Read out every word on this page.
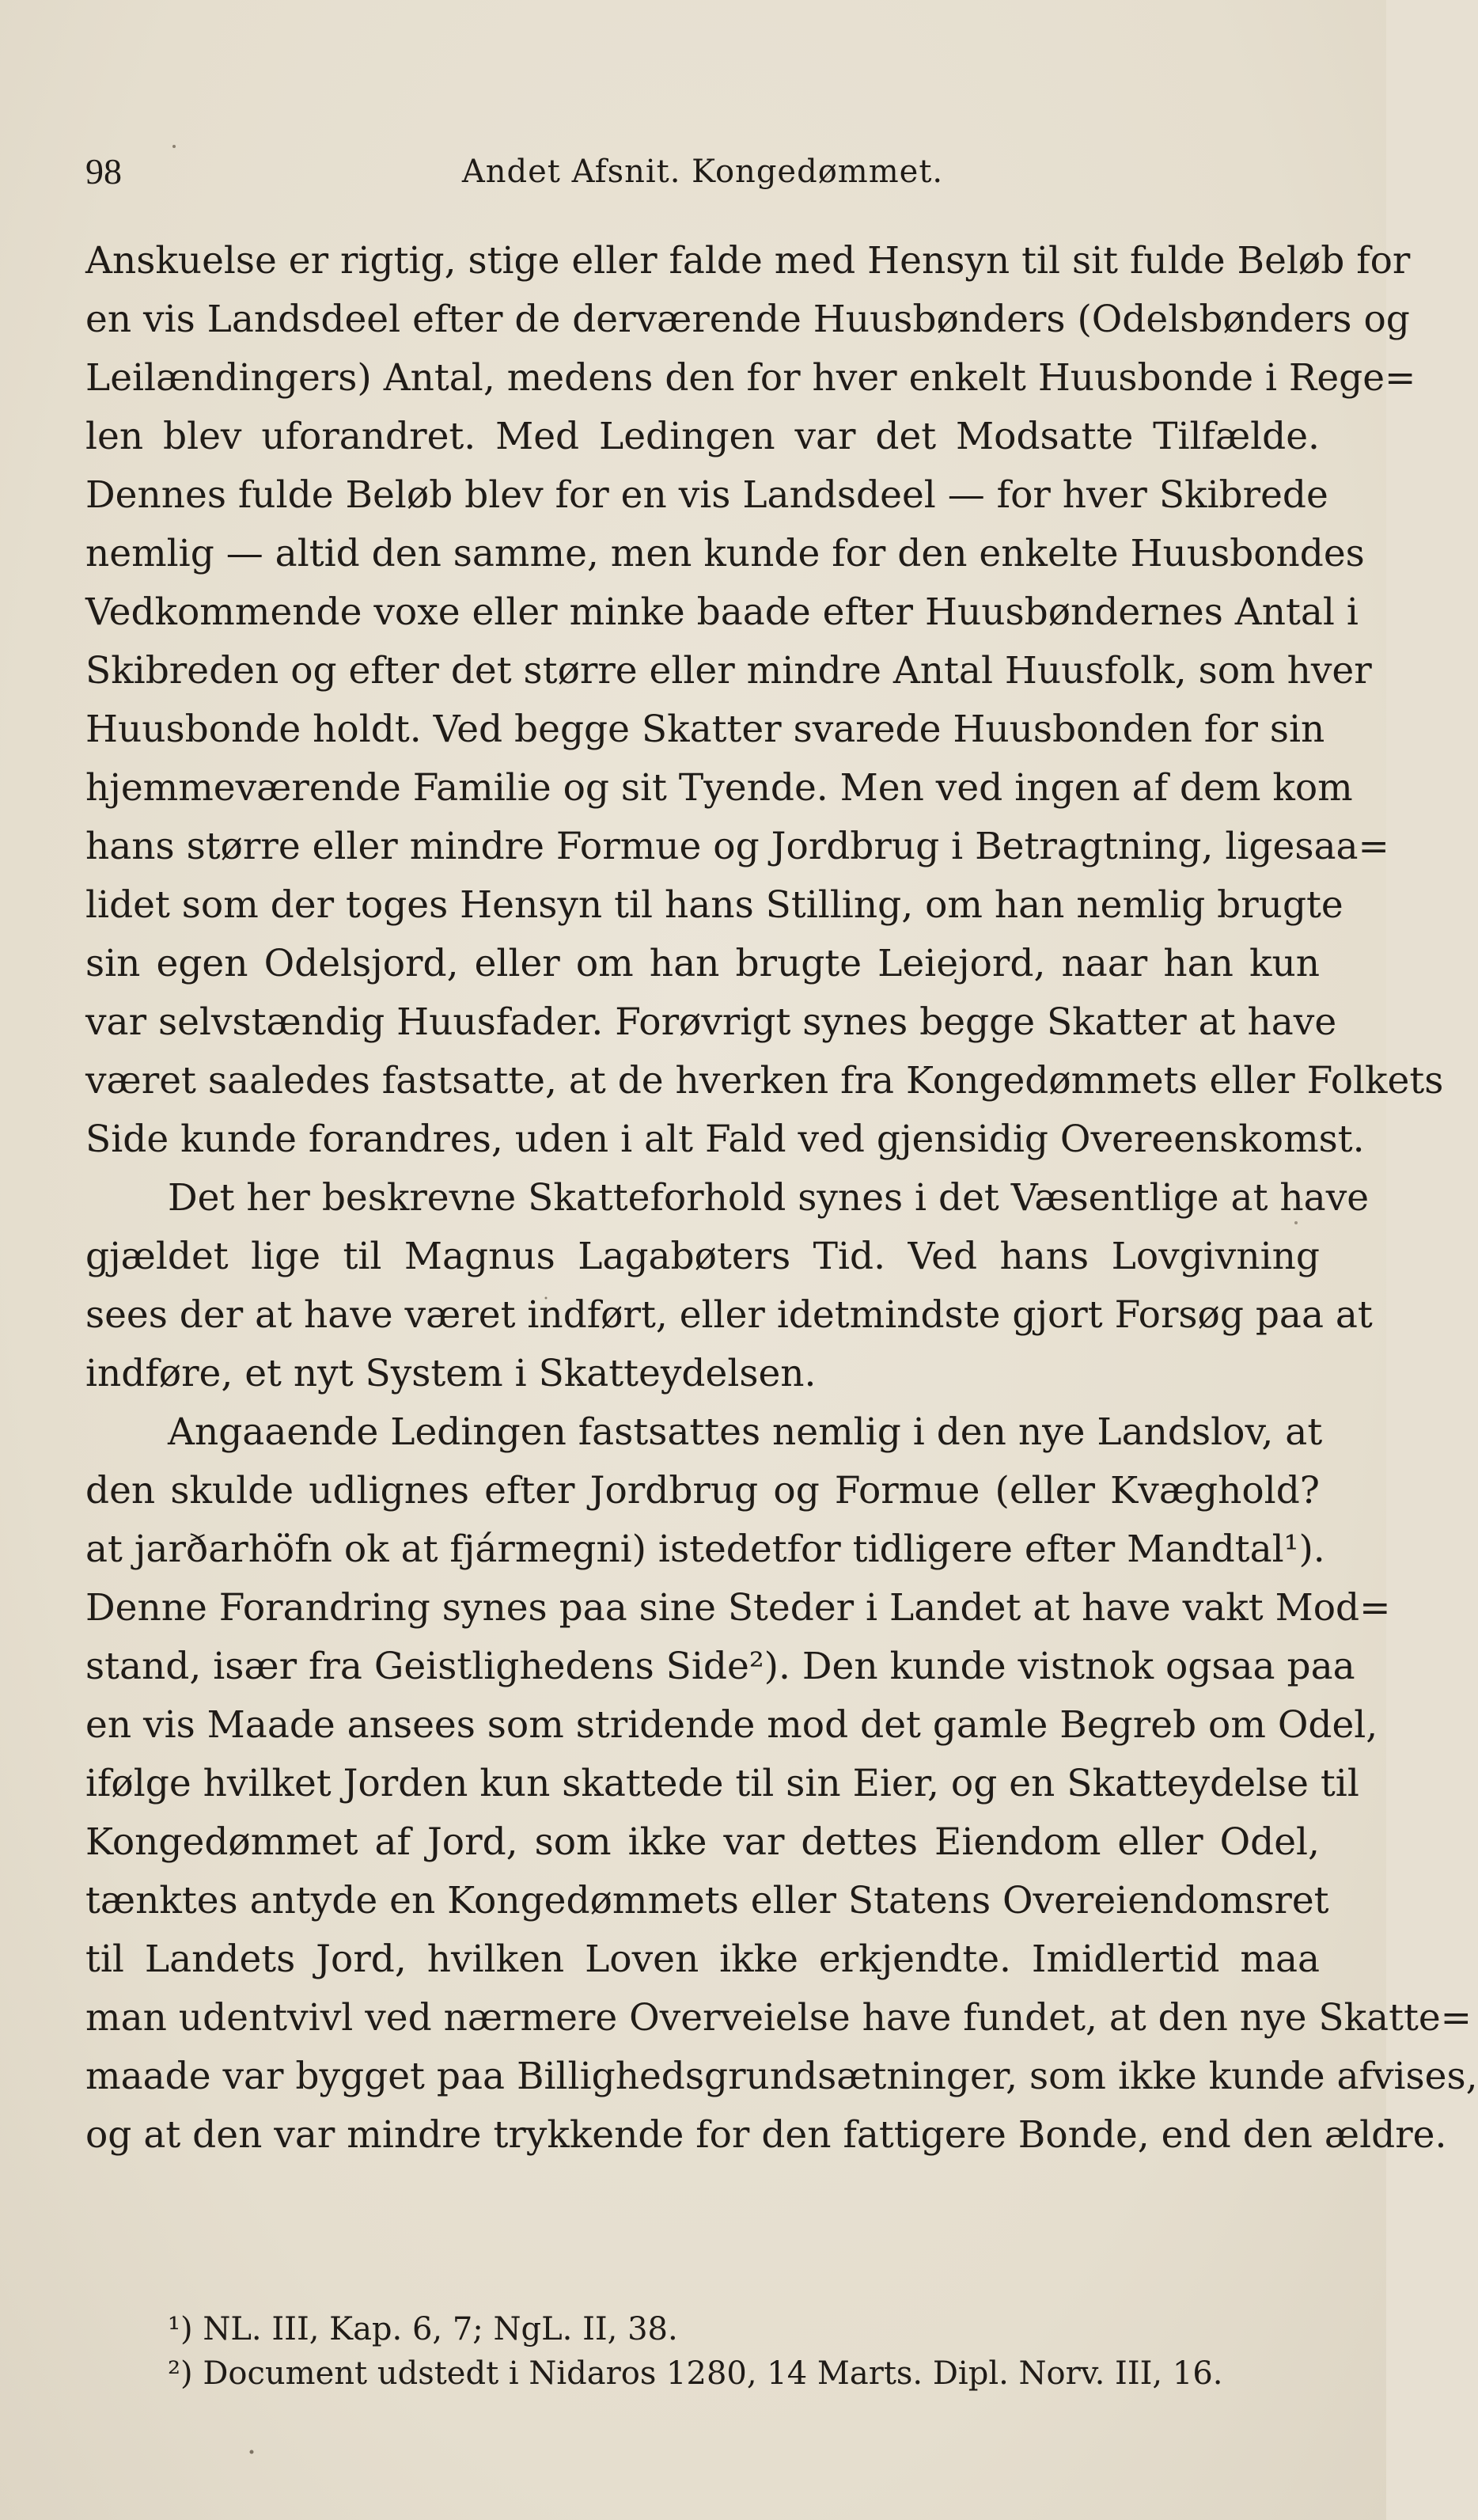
98	Andet Afsnit. Kongedømmet.
Anskuelse er rigtig, stige eller falde med Hensyn til sit fulde Beløb for
en vis Landsdeel efter de derværende Huusbønders (Odelsbønders og
Leilændingers) Antal, medens den for hver enkelt Huusbonde i Rege=
len blev uforandret. Med Ledingen var det Modsatte Tilfælde.
Dennes fulde Beløb blev for en vis Landsdeel — for hver Skibrede
nemlig — altid den samme, men kunde for den enkelte Huusbondes
Vedkommende voxe eller minke baade efter Huusbøndernes Antal i
Skibreden og efter det større eller mindre Antal Huusfolk, som hver
Huusbonde holdt. Ved begge Skatter svarede Huusbonden for sin
hjemmeværende Familie og sit Tyende. Men ved ingen af dem kom
hans større eller mindre Formue og Jordbrug i Betragtning, ligesaa=
lidet som der toges Hensyn til hans Stilling, om han nemlig brugte
sin egen Odelsjord, eller om han brugte Leiejord, naar han kun
var selvstændig Huusfader. Forøvrigt synes begge Skatter at have
været saaledes fastsatte, at de hverken fra Kongedømmets eller Folkets
Side kunde forandres, uden i alt Fald ved gjensidig Overeenskomst.
Det her beskrevne Skatteforhold synes i det Væsentlige at have
gjældet lige til Magnus Lagabøters Tid. Ved hans Lovgivning
sees der at have været indført, eller idetmindste gjort Forsøg paa at
indføre, et nyt System i Skatteydelsen.
Angaaende Ledingen fastsattes nemlig i den nye Landslov, at
den skulde udlignes efter Jordbrug og Formue (eller Kvæghold?
at jarðarhöfn ok at fjármegni) istedetfor tidligere efter Mandtal¹).
Denne Forandring synes paa sine Steder i Landet at have vakt Mod=
stand, især fra Geistlighedens Side²). Den kunde vistnok ogsaa paa
en vis Maade ansees som stridende mod det gamle Begreb om Odel,
ifølge hvilket Jorden kun skattede til sin Eier, og en Skatteydelse til
Kongedømmet af Jord, som ikke var dettes Eiendom eller Odel,
tænktes antyde en Kongedømmets eller Statens Overeiendomsret
til Landets Jord, hvilken Loven ikke erkjendte. Imidlertid maa
man udentvivl ved nærmere Overveielse have fundet, at den nye Skatte=
maade var bygget paa Billighedsgrundsætninger, som ikke kunde afvises,
og at den var mindre trykkende for den fattigere Bonde, end den ældre.
¹) NL. III, Kap. 6, 7; NgL. II, 38.
²) Document udstedt i Nidaros 1280, 14 Marts. Dipl. Norv. III, 16.
